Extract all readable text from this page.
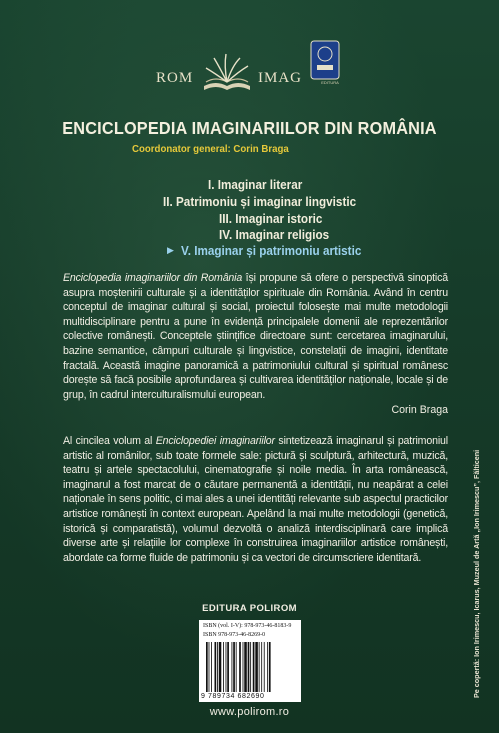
ROM	IMAG	EDITURA
ENCICLOPEDIA IMAGINARIILOR DIN ROMÂNIA
Coordonator general: Corin Braga
I. Imaginar literar
II. Patrimoniu și imaginar lingvistic
III. Imaginar istoric
IV. Imaginar religios
▶ V. Imaginar și patrimoniu artistic
Enciclopedia imaginariilor din România își propune să ofere o perspectivă sinoptică asupra moștenirii culturale și a identităților spirituale din România. Având în centru conceptul de imaginar cultural și social, proiectul folosește mai multe metodologii multidisciplinare pentru a pune în evidență principalele domenii ale reprezentărilor colective românești. Conceptele științifice directoare sunt: cercetarea imaginarului, bazine semantice, câmpuri culturale și lingvistice, constelații de imagini, identitate fractală. Această imagine panoramică a patrimoniului cultural și spiritual românesc dorește să facă posibile aprofundarea și cultivarea identităților naționale, locale și de grup, în cadrul interculturalismului european.
Corin Braga
Al cincilea volum al Enciclopediei imaginariilor sintetizează imaginarul și patrimoniul artistic al românilor, sub toate formele sale: pictură și sculptură, arhitectură, muzică, teatru și artele spectacolului, cinematografie și noile media. În arta românească, imaginarul a fost marcat de o căutare permanentă a identității, nu neapărat a celei naționale în sens politic, ci mai ales a unei identități relevante sub aspectul practicilor artistice românești în context european. Apelând la mai multe metodologii (genetică, istorică și comparatistă), volumul dezvoltă o analiză interdisciplinară care implică diverse arte și relațiile lor complexe în construirea imaginariilor artistice românești, abordate ca forme fluide de patrimoniu și ca vectori de circumscriere identitară.	Pe copertă: Ion Irimescu, Icarus, Muzeul de Artă „Ion Irimescu”, Fălticeni
EDITURA POLIROM
ISBN (vol. I-V): 978-973-46-8183-9
ISBN 978-973-46-8269-0
9 789734 682690
www.polirom.ro
